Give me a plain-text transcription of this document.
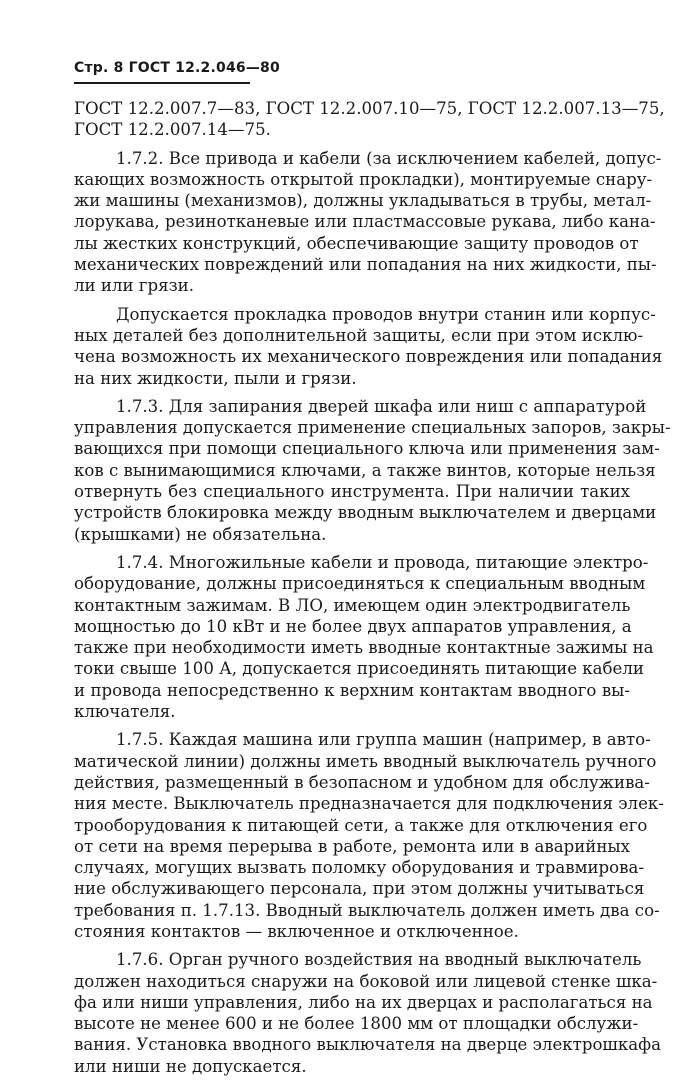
Стр. 8 ГОСТ 12.2.046—80
ГОСТ 12.2.007.7—83, ГОСТ 12.2.007.10—75, ГОСТ 12.2.007.13—75,
ГОСТ 12.2.007.14—75.
1.7.2. Все привода и кабели (за исключением кабелей, допус-
кающих возможность открытой прокладки), монтируемые снару-
жи машины (механизмов), должны укладываться в трубы, метал-
лорукава, резинотканевые или пластмассовые рукава, либо кана-
лы жестких конструкций, обеспечивающие защиту проводов от
механических повреждений или попадания на них жидкости, пы-
ли или грязи.
Допускается прокладка проводов внутри станин или корпус-
ных деталей без дополнительной защиты, если при этом исклю-
чена возможность их механического повреждения или попадания
на них жидкости, пыли и грязи.
1.7.3. Для запирания дверей шкафа или ниш с аппаратурой
управления допускается применение специальных запоров, закры-
вающихся при помощи специального ключа или применения зам-
ков с вынимающимися ключами, а также винтов, которые нельзя
отвернуть без специального инструмента. При наличии таких
устройств блокировка между вводным выключателем и дверцами
(крышками) не обязательна.
1.7.4. Многожильные кабели и провода, питающие электро-
оборудование, должны присоединяться к специальным вводным
контактным зажимам. В ЛО, имеющем один электродвигатель
мощностью до 10 кВт и не более двух аппаратов управления, а
также при необходимости иметь вводные контактные зажимы на
токи свыше 100 А, допускается присоединять питающие кабели
и провода непосредственно к верхним контактам вводного вы-
ключателя.
1.7.5. Каждая машина или группа машин (например, в авто-
матической линии) должны иметь вводный выключатель ручного
действия, размещенный в безопасном и удобном для обслужива-
ния месте. Выключатель предназначается для подключения элек-
трооборудования к питающей сети, а также для отключения его
от сети на время перерыва в работе, ремонта или в аварийных
случаях, могущих вызвать поломку оборудования и травмирова-
ние обслуживающего персонала, при этом должны учитываться
требования п. 1.7.13. Вводный выключатель должен иметь два со-
стояния контактов — включенное и отключенное.
1.7.6. Орган ручного воздействия на вводный выключатель
должен находиться снаружи на боковой или лицевой стенке шка-
фа или ниши управления, либо на их дверцах и располагаться на
высоте не менее 600 и не более 1800 мм от площадки обслужи-
вания. Установка вводного выключателя на дверце электрошкафа
или ниши не допускается.
